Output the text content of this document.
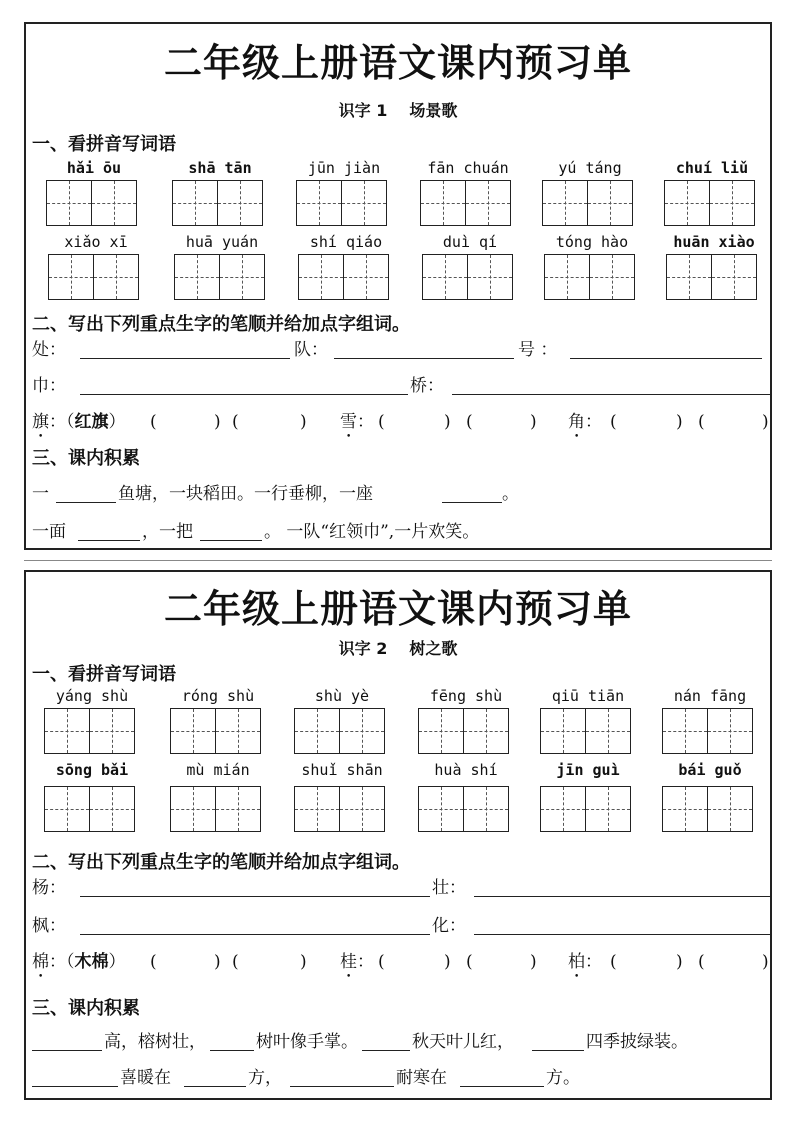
二年级上册语文课内预习单
识字 1 场景歌
一、看拼音写词语
hǎi ōu	shā tān	jūn jiàn	fān chuán	yú táng	chuí liǔ
xiǎo xī	huā yuán	shí qiáo	duì qí	tóng hào	huān xiào
二、写出下列重点生字的笔顺并给加点字组词。
处：	队：	号 ：
巾：	桥：
旗：（红旗） (	) (	) 雪： (	) (	) 角： (	) (	)
三、课内积累
一	鱼塘，一块稻田。一行垂柳，一座	。
一面	，一把	。 一队“红领巾”,一片欢笑。
二年级上册语文课内预习单
识字 2 树之歌
一、看拼音写词语
yáng shù	róng shù	shù yè	fēng shù	qiū tiān	nán fāng
sōng bǎi	mù mián	shuǐ shān	huà shí	jīn guì	bái guǒ
二、写出下列重点生字的笔顺并给加点字组词。
杨：	壮：
枫：	化：
棉：（木棉） (	) (	) 桂： (	) (	) 柏： (	) (	)
三、课内积累
高，榕树壮，	树叶像手掌。	秋天叶儿红，	四季披绿装。
喜暖在	方，	耐寒在	方。
